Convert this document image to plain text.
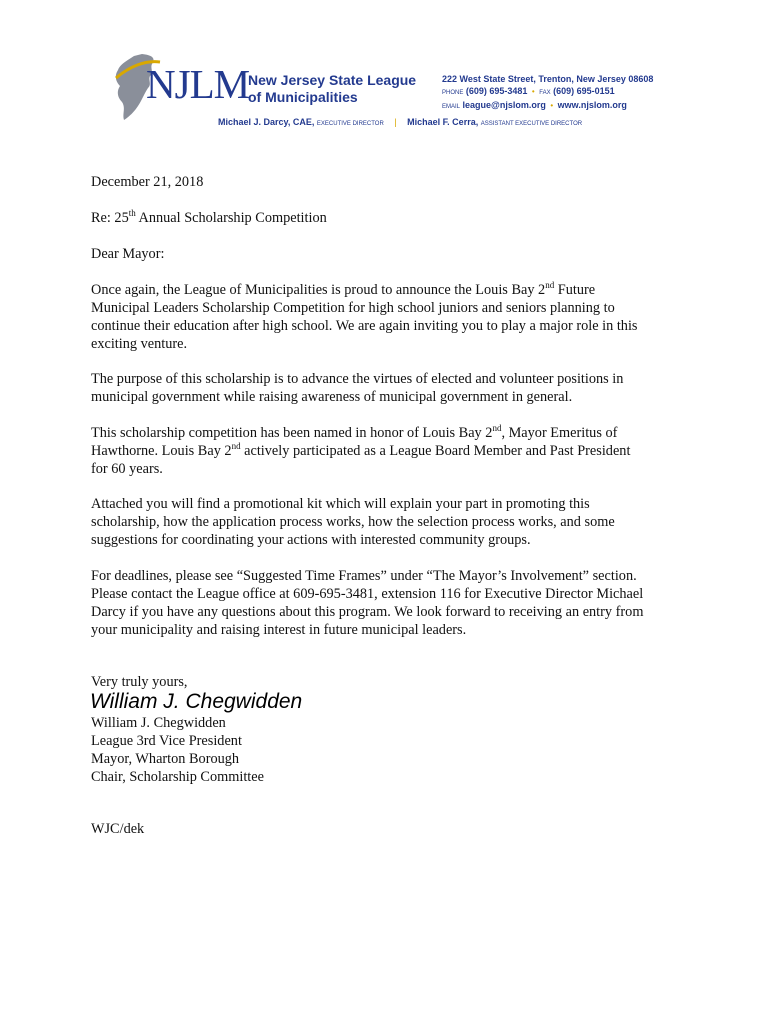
NJLM
New Jersey State League
of Municipalities
222 West State Street, Trenton, New Jersey 08608
PHONE (609) 695-3481 • FAX (609) 695-0151
EMAIL league@njslom.org • www.njslom.org
Michael J. Darcy, CAE, EXECUTIVE DIRECTOR | Michael F. Cerra, ASSISTANT EXECUTIVE DIRECTOR
December 21, 2018
Re: 25th Annual Scholarship Competition
Dear Mayor:
Once again, the League of Municipalities is proud to announce the Louis Bay 2nd Future
Municipal Leaders Scholarship Competition for high school juniors and seniors planning to
continue their education after high school. We are again inviting you to play a major role in this
exciting venture.
The purpose of this scholarship is to advance the virtues of elected and volunteer positions in
municipal government while raising awareness of municipal government in general.
This scholarship competition has been named in honor of Louis Bay 2nd, Mayor Emeritus of
Hawthorne. Louis Bay 2nd actively participated as a League Board Member and Past President
for 60 years.
Attached you will find a promotional kit which will explain your part in promoting this
scholarship, how the application process works, how the selection process works, and some
suggestions for coordinating your actions with interested community groups.
For deadlines, please see “Suggested Time Frames” under “The Mayor’s Involvement” section.
Please contact the League office at 609-695-3481, extension 116 for Executive Director Michael
Darcy if you have any questions about this program. We look forward to receiving an entry from
your municipality and raising interest in future municipal leaders.
Very truly yours,
William J. Chegwidden
William J. Chegwidden
League 3rd Vice President
Mayor, Wharton Borough
Chair, Scholarship Committee
WJC/dek
